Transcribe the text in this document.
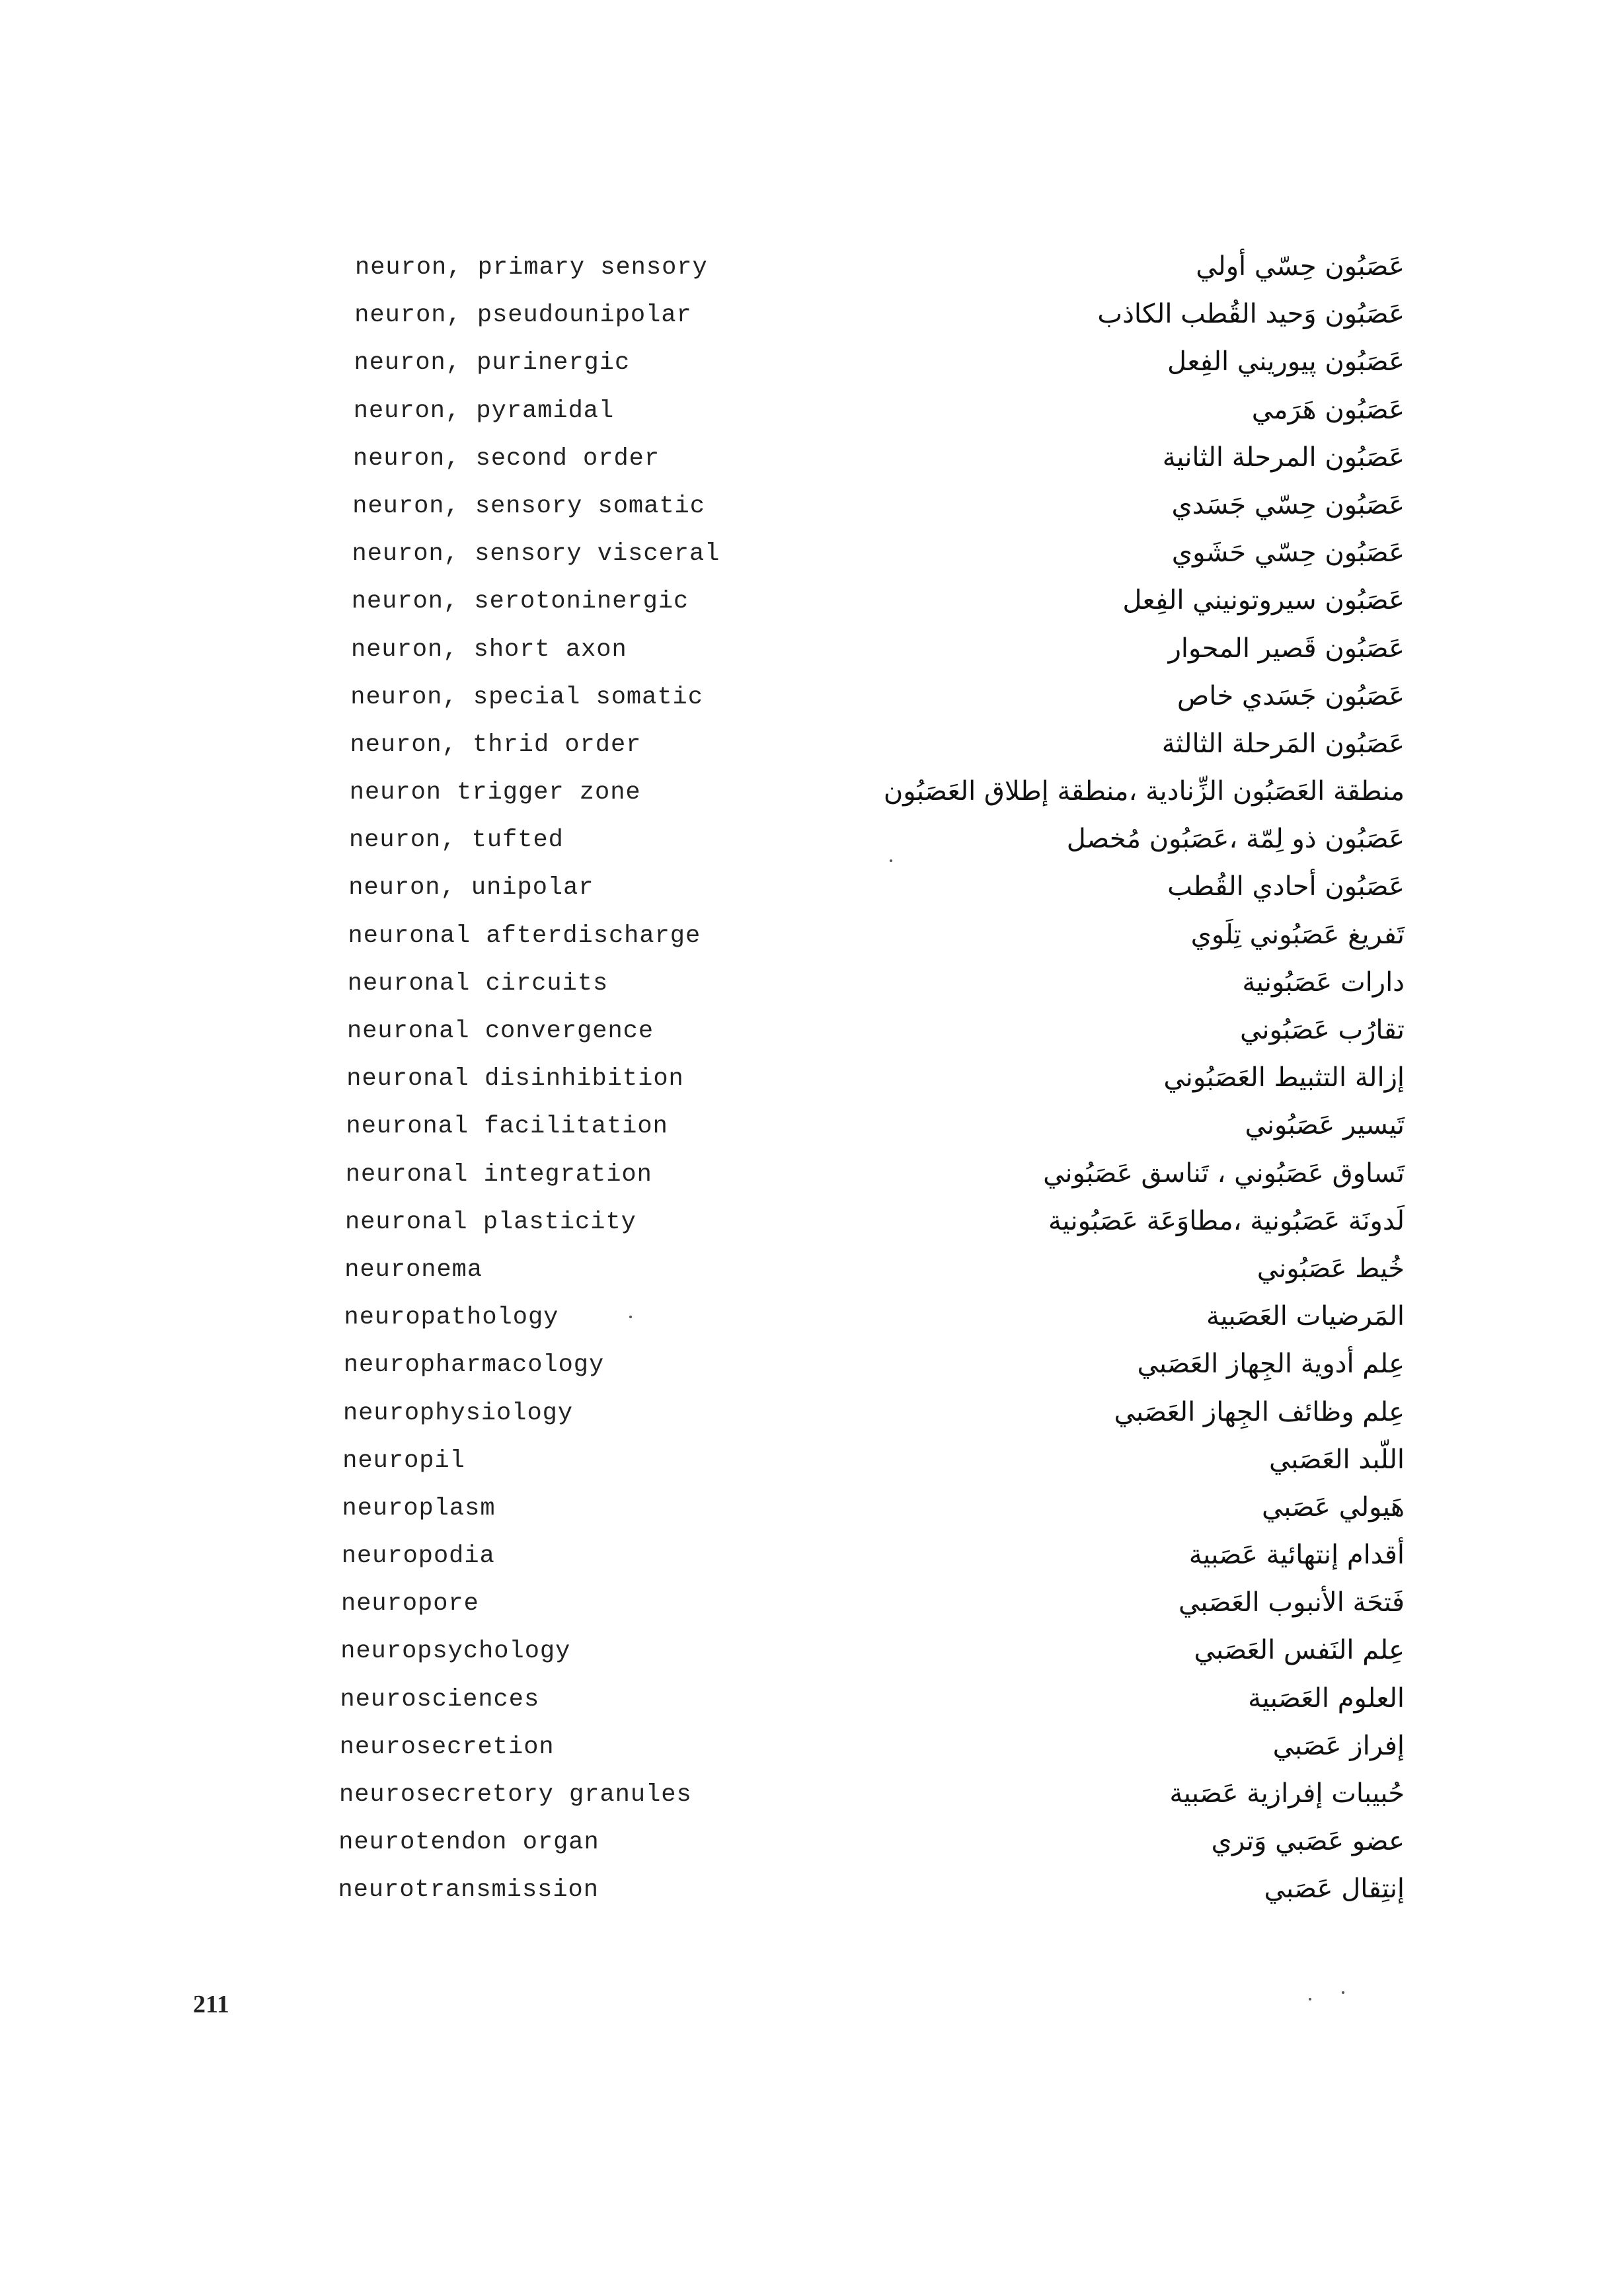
neuron, primary sensory	عَصَبُون حِسّي أولي
neuron, pseudounipolar	عَصَبُون وَحيد القُطب الكاذب
neuron, purinergic	عَصَبُون پيوريني الفِعل
neuron, pyramidal	عَصَبُون هَرَمي
neuron, second order	عَصَبُون المرحلة الثانية
neuron, sensory somatic	عَصَبُون حِسّي جَسَدي
neuron, sensory visceral	عَصَبُون حِسّي حَشَوي
neuron, serotoninergic	عَصَبُون سيروتونيني الفِعل
neuron, short axon	عَصَبُون قَصير المحوار
neuron, special somatic	عَصَبُون جَسَدي خاص
neuron, thrid order	عَصَبُون المَرحلة الثالثة
neuron trigger zone	منطقة العَصَبُون الزِّنادية ،منطقة إطلاق العَصَبُون
neuron, tufted	عَصَبُون ذو لِمّة ،عَصَبُون مُخصل
neuron, unipolar	عَصَبُون أحادي القُطب
neuronal afterdischarge	تَفريغ عَصَبُوني تِلَوي
neuronal circuits	دارات عَصَبُونية
neuronal convergence	تقارُب عَصَبُوني
neuronal disinhibition	إزالة التثبيط العَصَبُوني
neuronal facilitation	تَيسير عَصَبُوني
neuronal integration	تَساوق عَصَبُوني ، تَناسق عَصَبُوني
neuronal plasticity	لَدونَة عَصَبُونية ،مطاوَعَة عَصَبُونية
neuronema	خُيط عَصَبُوني
neuropathology	المَرضيات العَصَبية
neuropharmacology	عِلم أدوية الجِهاز العَصَبي
neurophysiology	عِلم وظائف الجِهاز العَصَبي
neuropil	اللّبد العَصَبي
neuroplasm	هَيولي عَصَبي
neuropodia	أقدام إنتهائية عَصَبية
neuropore	فَتحَة الأنبوب العَصَبي
neuropsychology	عِلم النَفس العَصَبي
neurosciences	العلوم العَصَبية
neurosecretion	إفراز عَصَبي
neurosecretory granules	حُبيبات إفرازية عَصَبية
neurotendon organ	عضو عَصَبي وَتري
neurotransmission	إنتِقال عَصَبي
211
